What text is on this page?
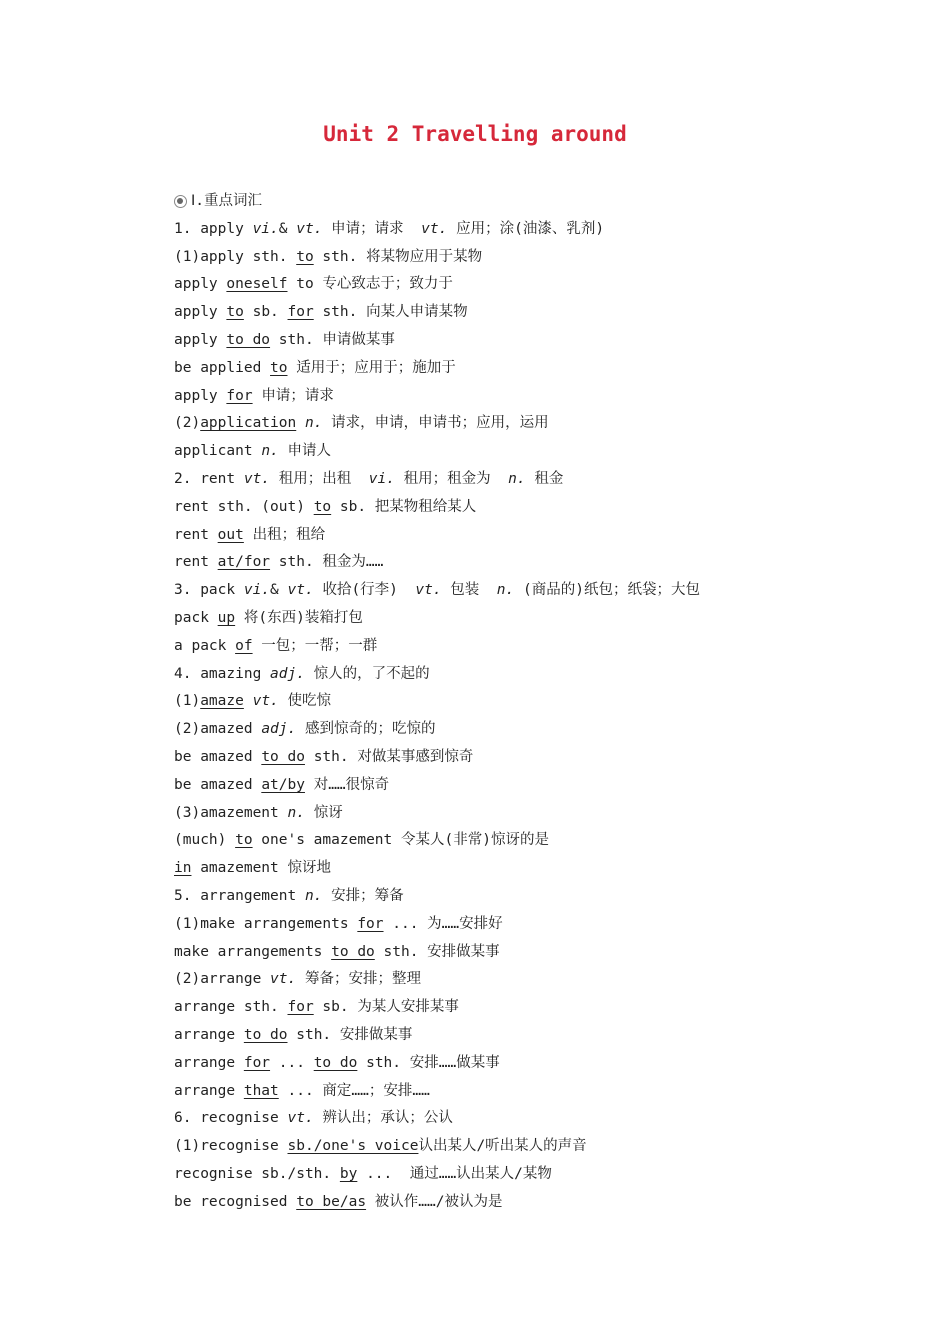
Unit 2 Travelling around
Ⅰ.重点词汇
1. apply vi.& vt. 申请；请求  vt. 应用；涂(油漆、乳剂)
(1)apply sth. to sth. 将某物应用于某物
apply oneself to 专心致志于；致力于
apply to sb. for sth. 向某人申请某物
apply to do sth. 申请做某事
be applied to 适用于；应用于；施加于
apply for 申请；请求
(2)application n. 请求，申请，申请书；应用，运用
applicant n. 申请人
2. rent vt. 租用；出租  vi. 租用；租金为  n. 租金
rent sth. (out) to sb. 把某物租给某人
rent out 出租；租给
rent at/for sth. 租金为……
3. pack vi.& vt. 收拾(行李)  vt. 包装  n. (商品的)纸包；纸袋；大包
pack up 将(东西)装箱打包
a pack of 一包；一帮；一群
4. amazing adj. 惊人的，了不起的
(1)amaze vt. 使吃惊
(2)amazed adj. 感到惊奇的；吃惊的
be amazed to do sth. 对做某事感到惊奇
be amazed at/by 对……很惊奇
(3)amazement n. 惊讶
(much) to one's amazement 令某人(非常)惊讶的是
in amazement 惊讶地
5. arrangement n. 安排；筹备
(1)make arrangements for ... 为……安排好
make arrangements to do sth. 安排做某事
(2)arrange vt. 筹备；安排；整理
arrange sth. for sb. 为某人安排某事
arrange to do sth. 安排做某事
arrange for ... to do sth. 安排……做某事
arrange that ... 商定……；安排……
6. recognise vt. 辨认出；承认；公认
(1)recognise sb./one's voice认出某人/听出某人的声音
recognise sb./sth. by ...  通过……认出某人/某物
be recognised to be/as 被认作……/被认为是
